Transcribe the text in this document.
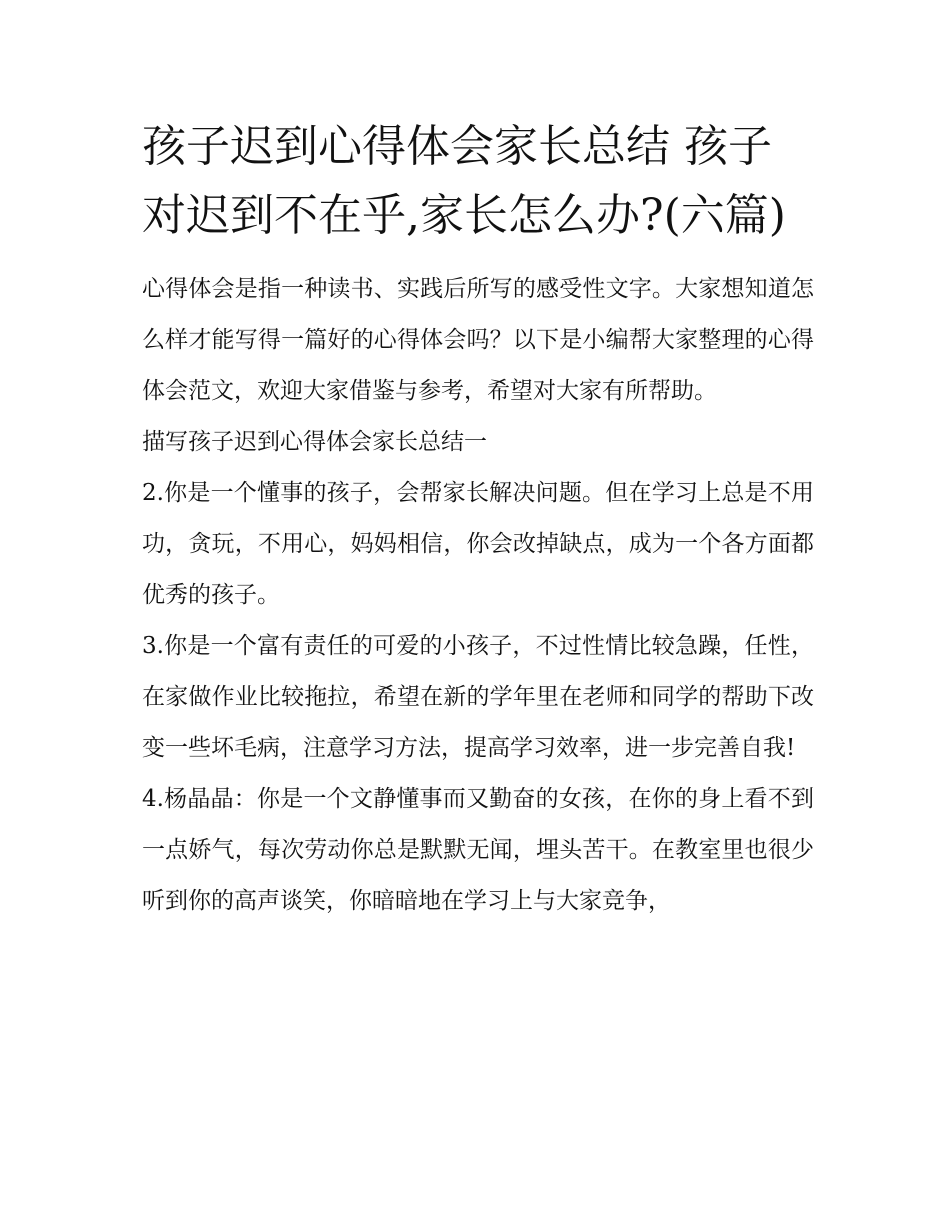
孩子迟到心得体会家长总结 孩子对迟到不在乎,家长怎么办?(六篇)

心得体会是指一种读书、实践后所写的感受性文字。大家想知道怎么样才能写得一篇好的心得体会吗？以下是小编帮大家整理的心得体会范文，欢迎大家借鉴与参考，希望对大家有所帮助。

描写孩子迟到心得体会家长总结一

2.你是一个懂事的孩子，会帮家长解决问题。但在学习上总是不用功，贪玩，不用心，妈妈相信，你会改掉缺点，成为一个各方面都优秀的孩子。

3.你是一个富有责任的可爱的小孩子，不过性情比较急躁，任性，在家做作业比较拖拉，希望在新的学年里在老师和同学的帮助下改变一些坏毛病，注意学习方法，提高学习效率，进一步完善自我!

4.杨晶晶：你是一个文静懂事而又勤奋的女孩，在你的身上看不到一点娇气，每次劳动你总是默默无闻，埋头苦干。在教室里也很少听到你的高声谈笑，你暗暗地在学习上与大家竞争，
